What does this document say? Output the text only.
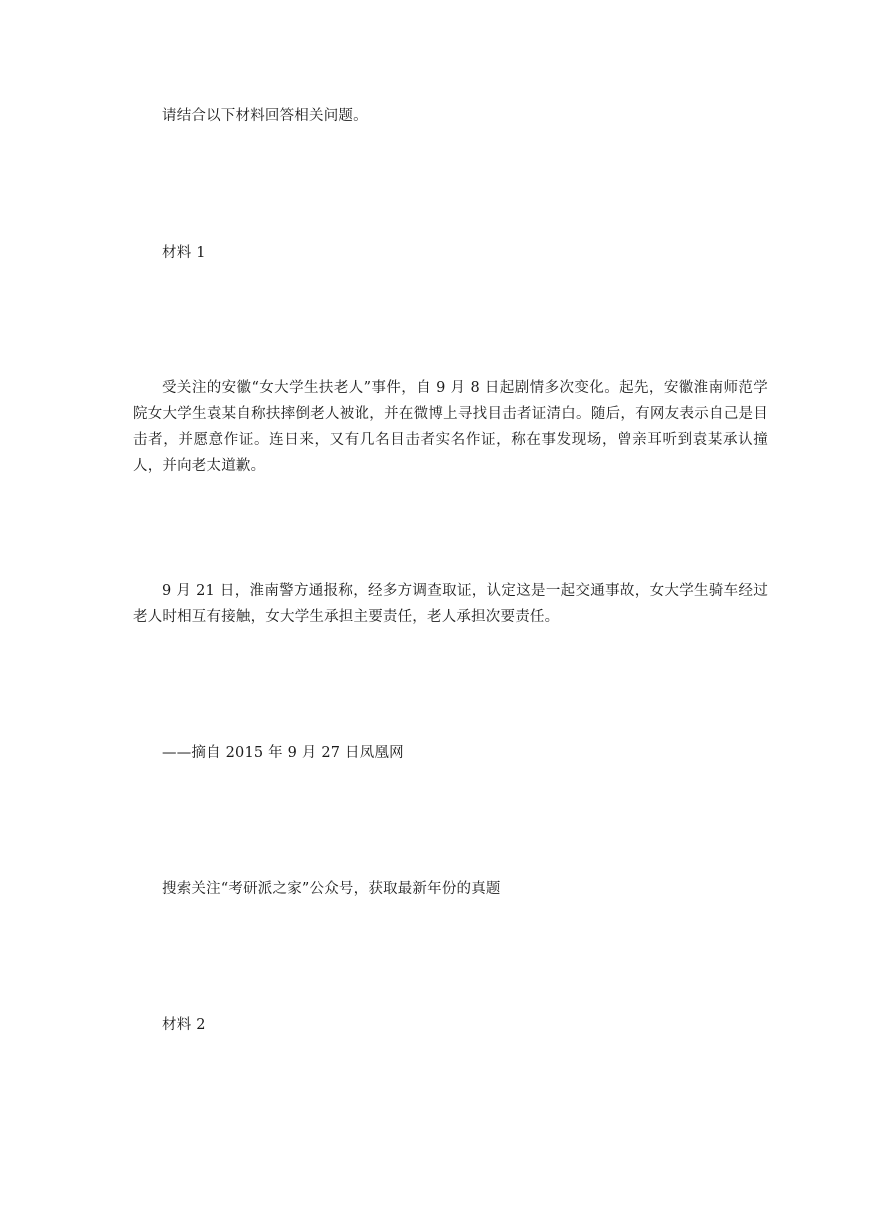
请结合以下材料回答相关问题。

材料 1

受关注的安徽“女大学生扶老人”事件，自 9 月 8 日起剧情多次变化。起先，安徽淮南师范学院女大学生袁某自称扶摔倒老人被讹，并在微博上寻找目击者证清白。随后，有网友表示自己是目击者，并愿意作证。连日来，又有几名目击者实名作证，称在事发现场，曾亲耳听到袁某承认撞人，并向老太道歉。

9 月 21 日，淮南警方通报称，经多方调查取证，认定这是一起交通事故，女大学生骑车经过老人时相互有接触，女大学生承担主要责任，老人承担次要责任。

——摘自 2015 年 9 月 27 日凤凰网

搜索关注“考研派之家”公众号，获取最新年份的真题

材料 2
